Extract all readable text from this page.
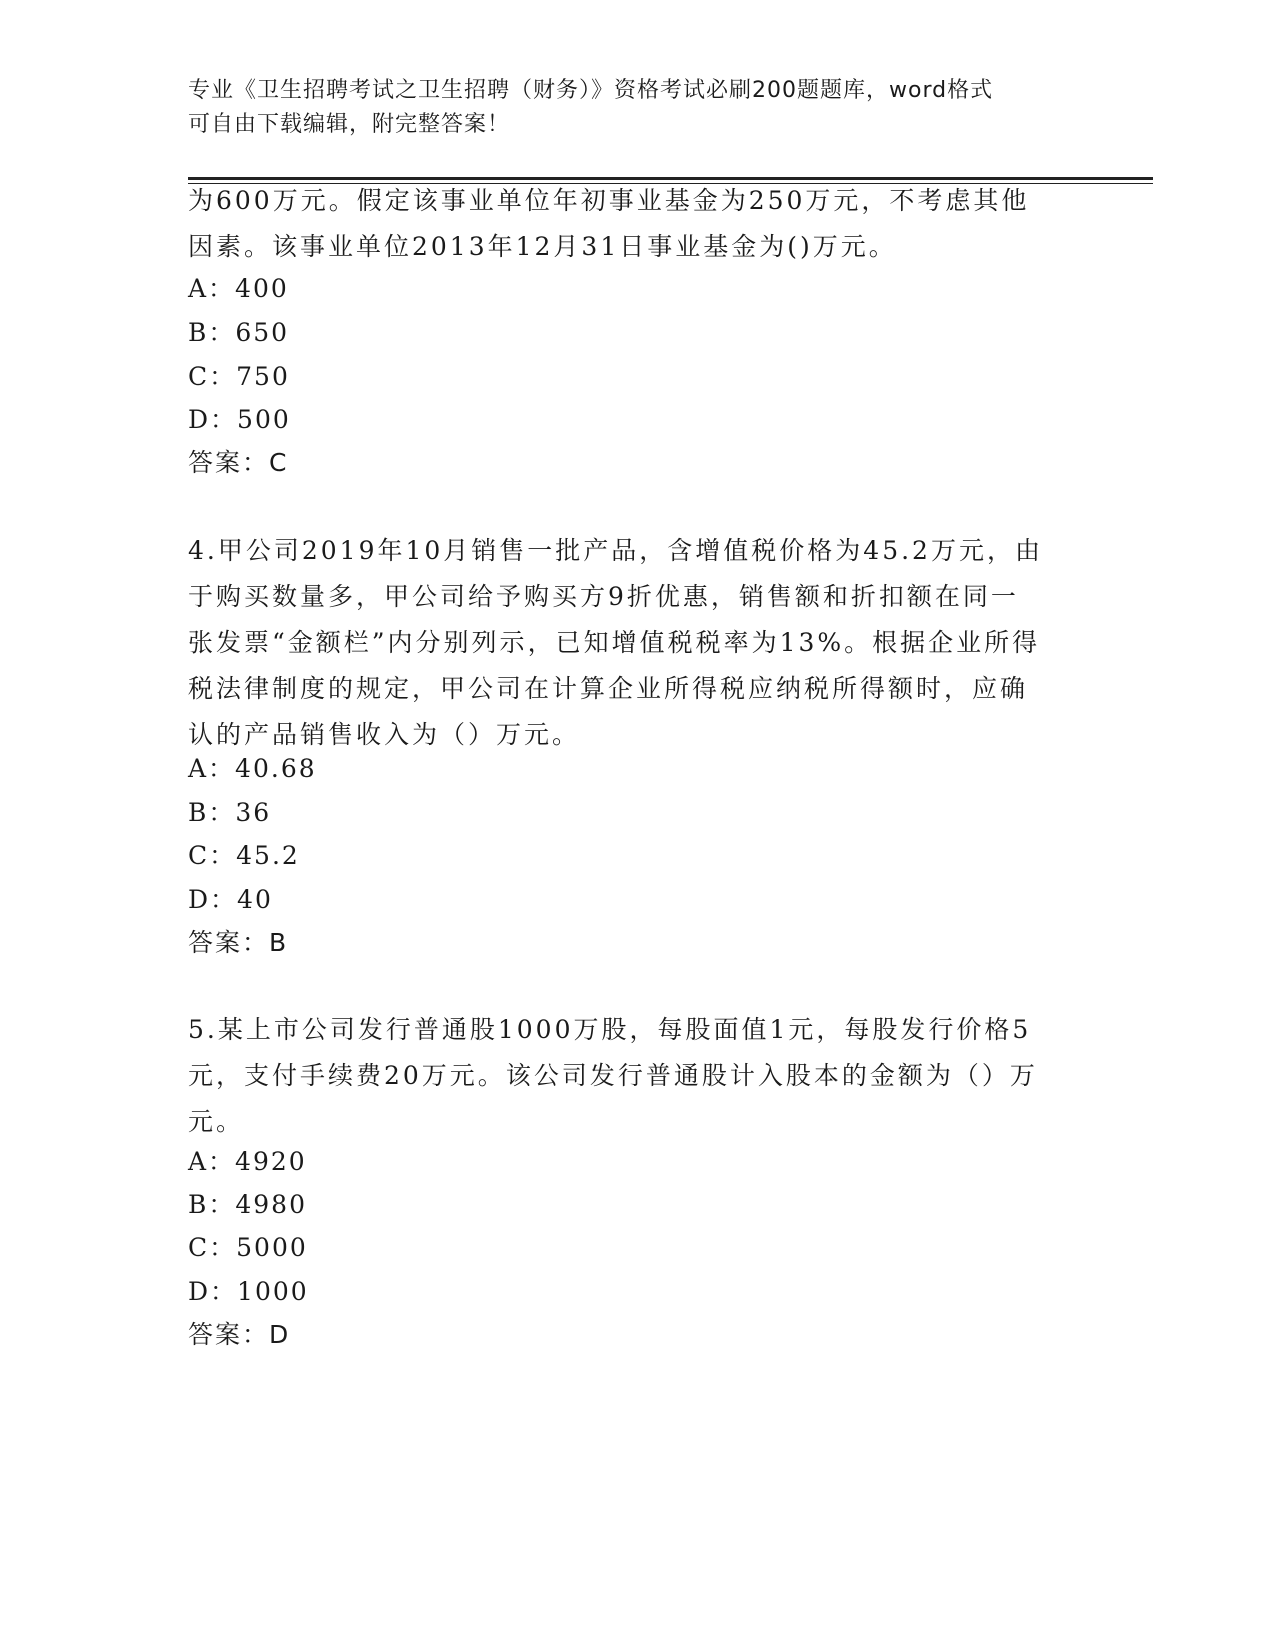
专业《卫生招聘考试之卫生招聘（财务）》资格考试必刷200题题库，word格式
可自由下载编辑，附完整答案！
为600万元。假定该事业单位年初事业基金为250万元，不考虑其他
因素。该事业单位2013年12月31日事业基金为()万元。
A：400
B：650
C：750
D：500
答案：C
4.甲公司2019年10月销售一批产品，含增值税价格为45.2万元，由
于购买数量多，甲公司给予购买方9折优惠，销售额和折扣额在同一
张发票“金额栏”内分别列示，已知增值税税率为13%。根据企业所得
税法律制度的规定，甲公司在计算企业所得税应纳税所得额时，应确
认的产品销售收入为（）万元。
A：40.68
B：36
C：45.2
D：40
答案：B
5.某上市公司发行普通股1000万股，每股面值1元，每股发行价格5
元，支付手续费20万元。该公司发行普通股计入股本的金额为（）万
元。
A：4920
B：4980
C：5000
D：1000
答案：D
